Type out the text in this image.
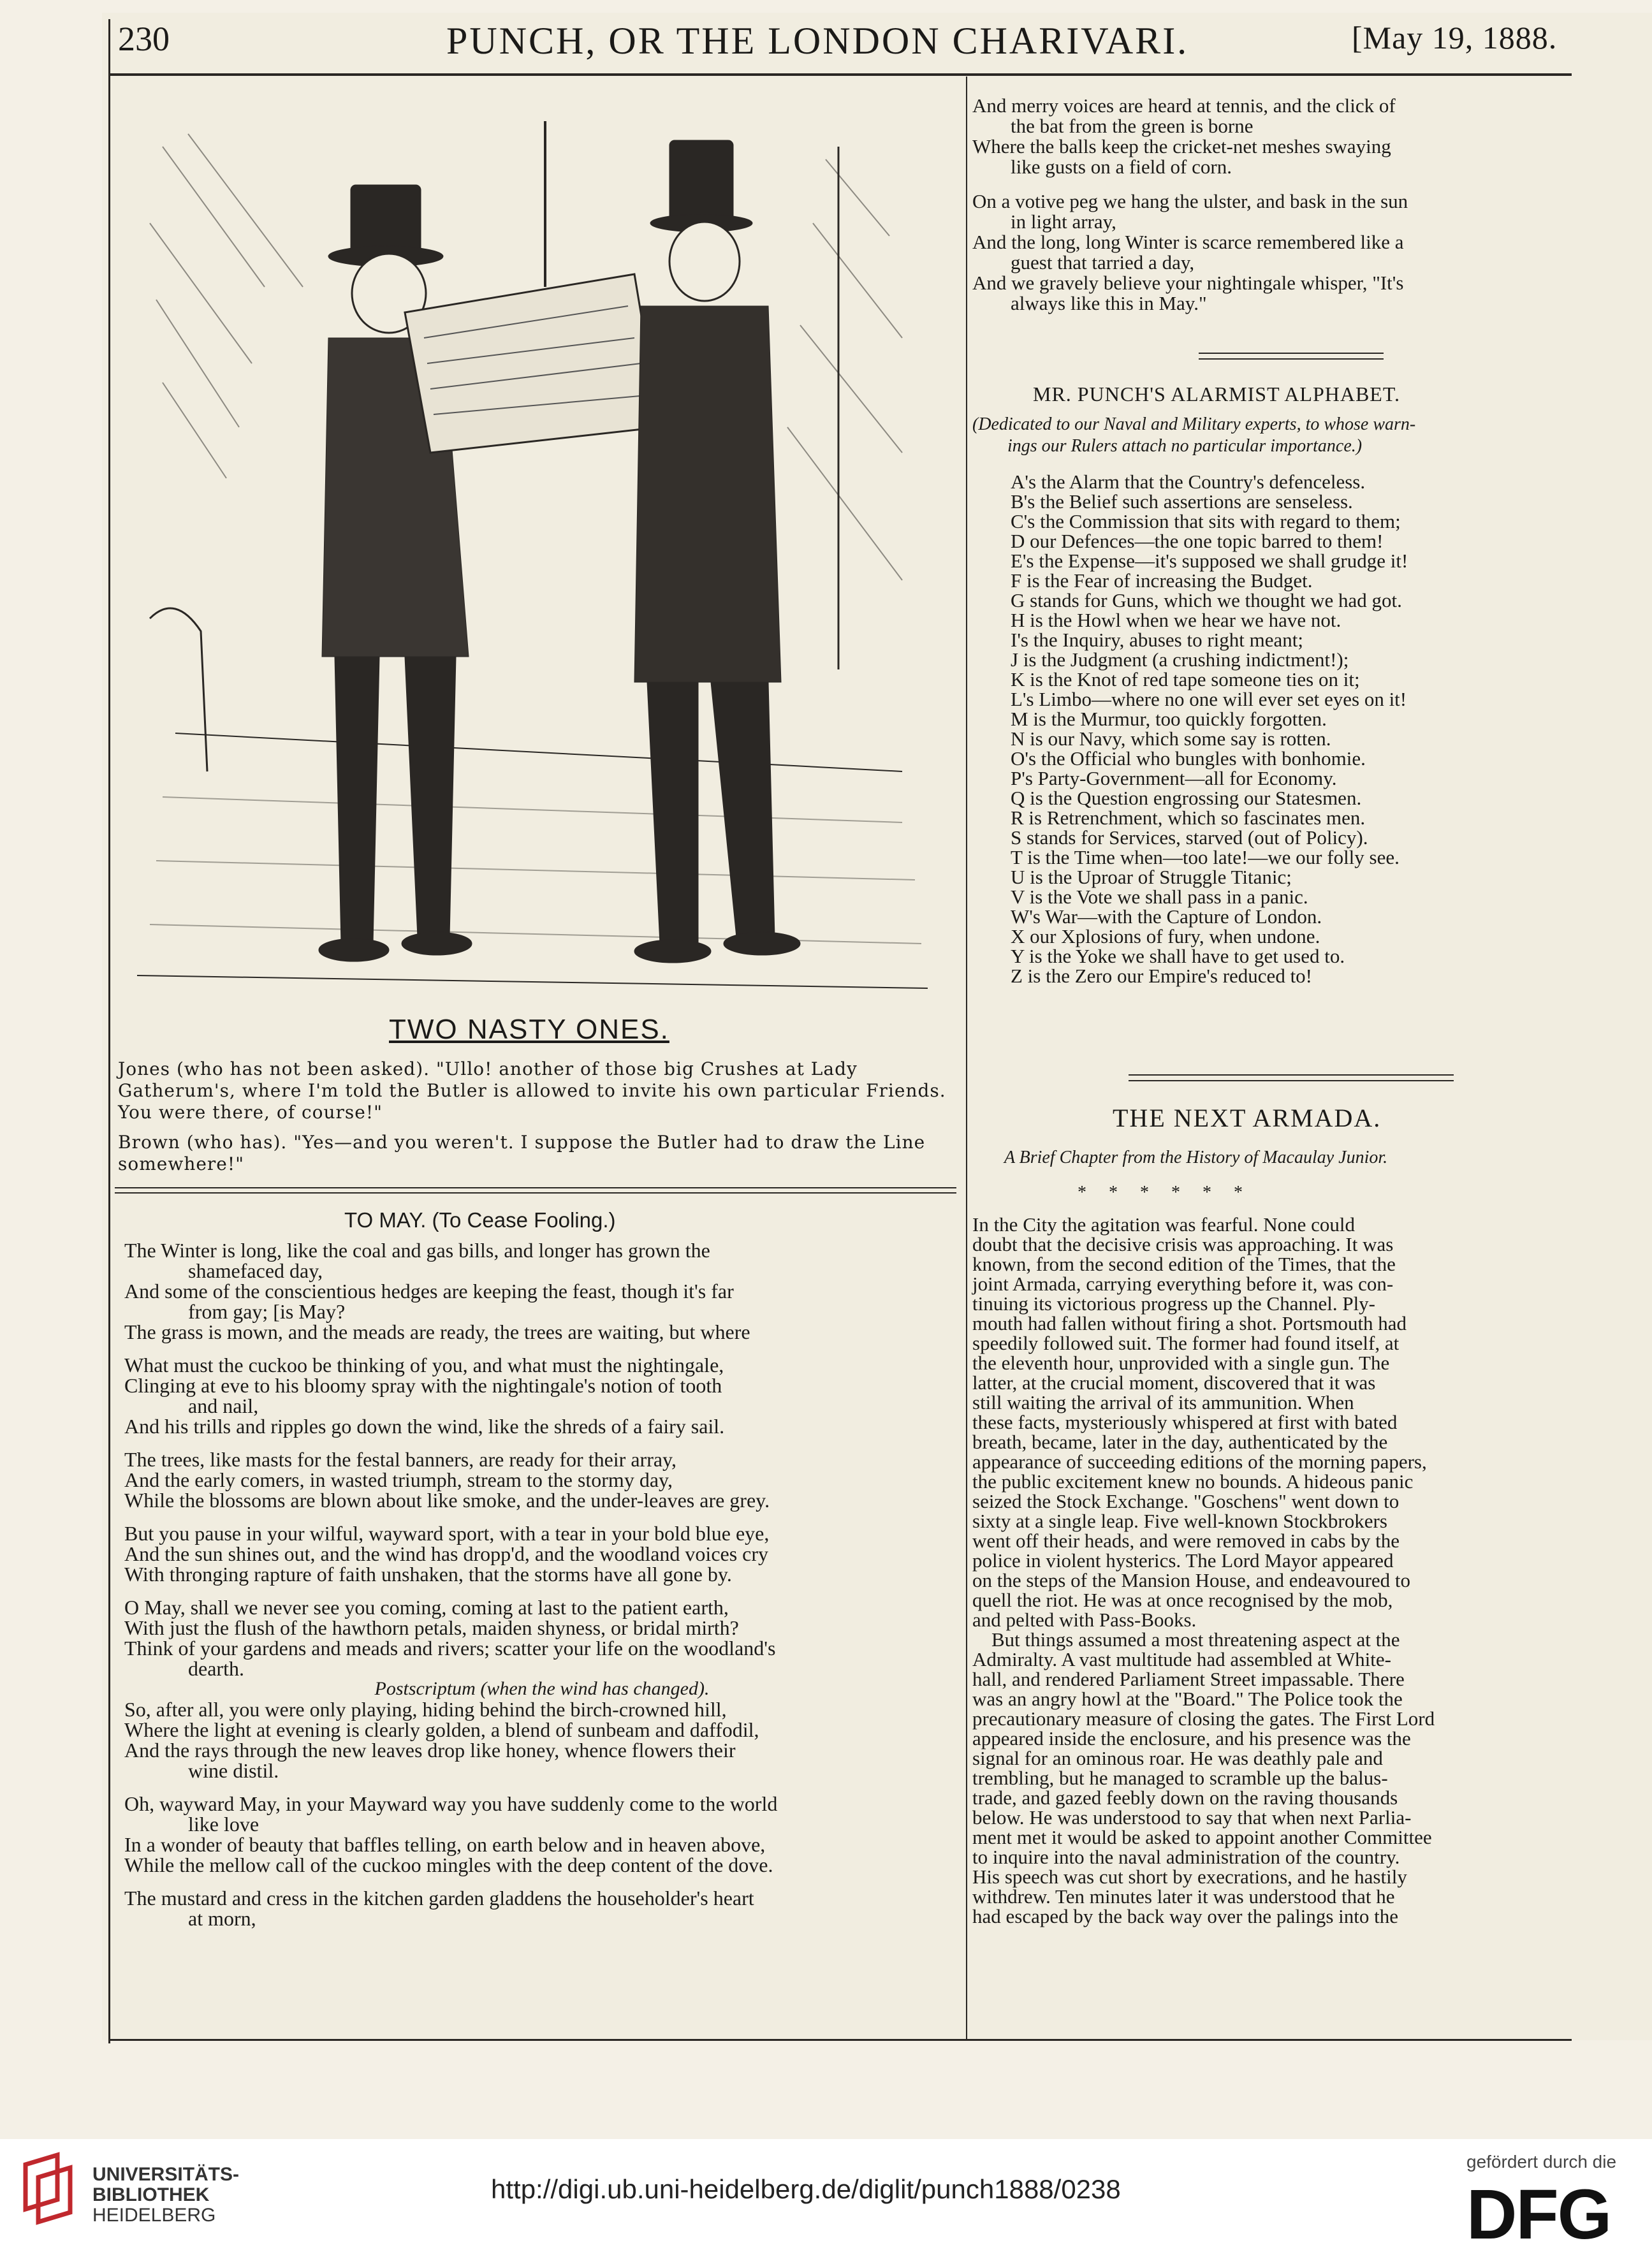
230	PUNCH, OR THE LONDON CHARIVARI.	[May 19, 1888.
TWO NASTY ONES.
Jones (who has not been asked). "Ullo! another of those big Crushes at Lady Gatherum's, where I'm told the Butler is allowed to invite his own particular Friends. You were there, of course!"
Brown (who has). "Yes—and you weren't. I suppose the Butler had to draw the Line somewhere!"
TO MAY. (To Cease Fooling.)
The Winter is long, like the coal and gas bills, and longer has grown the
shamefaced day,
And some of the conscientious hedges are keeping the feast, though it's far
from gay; [is May?
The grass is mown, and the meads are ready, the trees are waiting, but where
What must the cuckoo be thinking of you, and what must the nightingale,
Clinging at eve to his bloomy spray with the nightingale's notion of tooth
and nail,
And his trills and ripples go down the wind, like the shreds of a fairy sail.
The trees, like masts for the festal banners, are ready for their array,
And the early comers, in wasted triumph, stream to the stormy day,
While the blossoms are blown about like smoke, and the under-leaves are grey.
But you pause in your wilful, wayward sport, with a tear in your bold blue eye,
And the sun shines out, and the wind has dropp'd, and the woodland voices cry
With thronging rapture of faith unshaken, that the storms have all gone by.
O May, shall we never see you coming, coming at last to the patient earth,
With just the flush of the hawthorn petals, maiden shyness, or bridal mirth?
Think of your gardens and meads and rivers; scatter your life on the woodland's
dearth.
Postscriptum (when the wind has changed).
So, after all, you were only playing, hiding behind the birch-crowned hill,
Where the light at evening is clearly golden, a blend of sunbeam and daffodil,
And the rays through the new leaves drop like honey, whence flowers their
wine distil.
Oh, wayward May, in your Mayward way you have suddenly come to the world
like love
In a wonder of beauty that baffles telling, on earth below and in heaven above,
While the mellow call of the cuckoo mingles with the deep content of the dove.
The mustard and cress in the kitchen garden gladdens the householder's heart
at morn,
And merry voices are heard at tennis, and the click of
the bat from the green is borne
Where the balls keep the cricket-net meshes swaying
like gusts on a field of corn.
On a votive peg we hang the ulster, and bask in the sun
in light array,
And the long, long Winter is scarce remembered like a
guest that tarried a day,
And we gravely believe your nightingale whisper, "It's
always like this in May."
MR. PUNCH'S ALARMIST ALPHABET.
(Dedicated to our Naval and Military experts, to whose warn-
ings our Rulers attach no particular importance.)
A's the Alarm that the Country's defenceless.
B's the Belief such assertions are senseless.
C's the Commission that sits with regard to them;
D our Defences—the one topic barred to them!
E's the Expense—it's supposed we shall grudge it!
F is the Fear of increasing the Budget.
G stands for Guns, which we thought we had got.
H is the Howl when we hear we have not.
I's the Inquiry, abuses to right meant;
J is the Judgment (a crushing indictment!);
K is the Knot of red tape someone ties on it;
L's Limbo—where no one will ever set eyes on it!
M is the Murmur, too quickly forgotten.
N is our Navy, which some say is rotten.
O's the Official who bungles with bonhomie.
P's Party-Government—all for Economy.
Q is the Question engrossing our Statesmen.
R is Retrenchment, which so fascinates men.
S stands for Services, starved (out of Policy).
T is the Time when—too late!—we our folly see.
U is the Uproar of Struggle Titanic;
V is the Vote we shall pass in a panic.
W's War—with the Capture of London.
X our Xplosions of fury, when undone.
Y is the Yoke we shall have to get used to.
Z is the Zero our Empire's reduced to!
THE NEXT ARMADA.
A Brief Chapter from the History of Macaulay Junior.
*     *     *     *     *     *
In the City the agitation was fearful. None could
doubt that the decisive crisis was approaching. It was
known, from the second edition of the Times, that the
joint Armada, carrying everything before it, was con-
tinuing its victorious progress up the Channel. Ply-
mouth had fallen without firing a shot. Portsmouth had
speedily followed suit. The former had found itself, at
the eleventh hour, unprovided with a single gun. The
latter, at the crucial moment, discovered that it was
still waiting the arrival of its ammunition. When
these facts, mysteriously whispered at first with bated
breath, became, later in the day, authenticated by the
appearance of succeeding editions of the morning papers,
the public excitement knew no bounds. A hideous panic
seized the Stock Exchange. "Goschens" went down to
sixty at a single leap. Five well-known Stockbrokers
went off their heads, and were removed in cabs by the
police in violent hysterics. The Lord Mayor appeared
on the steps of the Mansion House, and endeavoured to
quell the riot. He was at once recognised by the mob,
and pelted with Pass-Books.
But things assumed a most threatening aspect at the
Admiralty. A vast multitude had assembled at White-
hall, and rendered Parliament Street impassable. There
was an angry howl at the "Board." The Police took the
precautionary measure of closing the gates. The First Lord
appeared inside the enclosure, and his presence was the
signal for an ominous roar. He was deathly pale and
trembling, but he managed to scramble up the balus-
trade, and gazed feebly down on the raving thousands
below. He was understood to say that when next Parlia-
ment met it would be asked to appoint another Committee
to inquire into the naval administration of the country.
His speech was cut short by execrations, and he hastily
withdrew. Ten minutes later it was understood that he
had escaped by the back way over the palings into the
UNIVERSITÄTS-
BIBLIOTHEK
HEIDELBERG
http://digi.ub.uni-heidelberg.de/diglit/punch1888/0238
gefördert durch die
DFG
